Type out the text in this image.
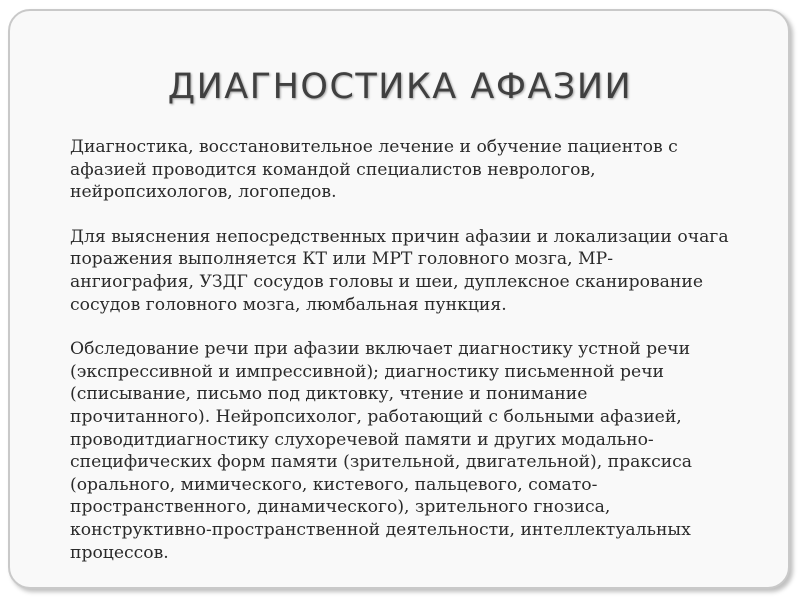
ДИАГНОСТИКА АФАЗИИ

Диагностика, восстановительное лечение и обучение пациентов с
афазией проводится командой специалистов неврологов,
нейропсихологов, логопедов.

Для выяснения непосредственных причин афазии и локализации очага
поражения выполняется КТ или МРТ головного мозга, МР-
ангиография, УЗДГ сосудов головы и шеи, дуплексное сканирование
сосудов головного мозга, люмбальная пункция.

Обследование речи при афазии включает диагностику устной речи
(экспрессивной и импрессивной); диагностику письменной речи
(списывание, письмо под диктовку, чтение и понимание
прочитанного). Нейропсихолог, работающий с больными афазией,
проводитдиагностику слухоречевой памяти и других модально-
специфических форм памяти (зрительной, двигательной), праксиса
(орального, мимического, кистевого, пальцевого, сомато-
пространственного, динамического), зрительного гнозиса,
конструктивно-пространственной деятельности, интеллектуальных
процессов.
